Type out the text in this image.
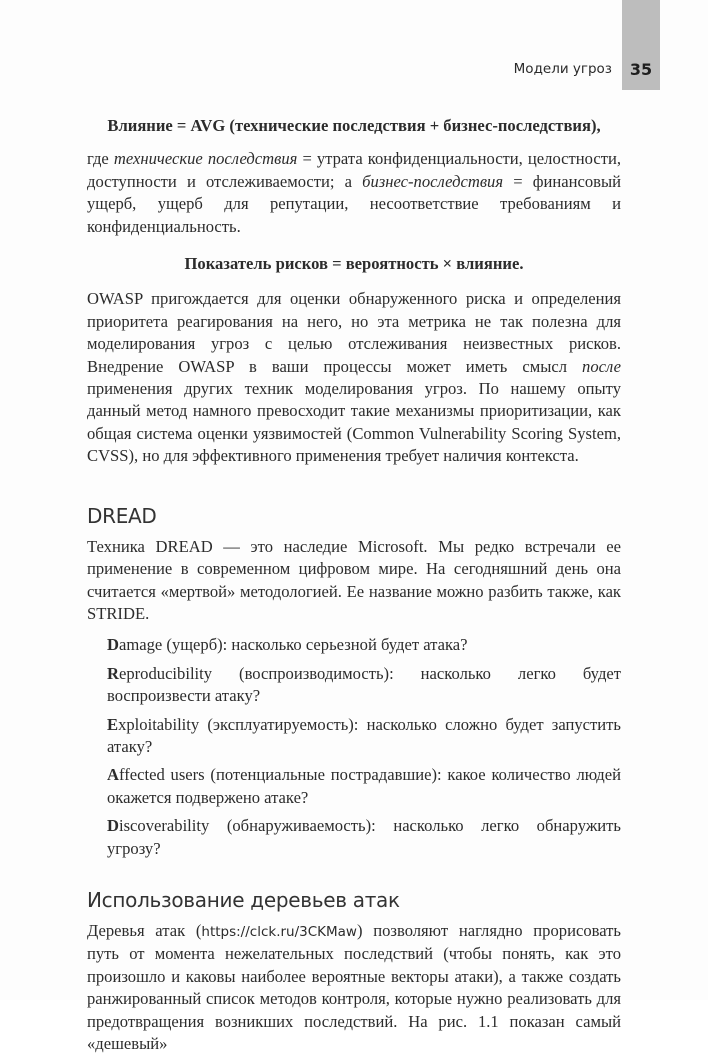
35
Модели угроз
Влияние = AVG (технические последствия + бизнес-последствия),

где технические последствия = утрата конфиденциальности, целостности, доступности и отслеживаемости; а бизнес-последствия = финансовый ущерб, ущерб для репутации, несоответствие требованиям и конфиденциальность.

Показатель рисков = вероятность × влияние.

OWASP пригождается для оценки обнаруженного риска и определения приоритета реагирования на него, но эта метрика не так полезна для моделирования угроз с целью отслеживания неизвестных рисков. Внедрение OWASP в ваши процессы может иметь смысл после применения других техник моделирования угроз. По нашему опыту данный метод намного превосходит такие механизмы приоритизации, как общая система оценки уязвимостей (Common Vulnerability Scoring System, CVSS), но для эффективного применения требует наличия контекста.

DREAD

Техника DREAD — это наследие Microsoft. Мы редко встречали ее применение в современном цифровом мире. На сегодняшний день она считается «мертвой» методологией. Ее название можно разбить также, как STRIDE.

Damage (ущерб): насколько серьезной будет атака?
Reproducibility (воспроизводимость): насколько легко будет воспроизвести атаку?
Exploitability (эксплуатируемость): насколько сложно будет запустить атаку?
Affected users (потенциальные пострадавшие): какое количество людей окажется подвержено атаке?
Discoverability (обнаруживаемость): насколько легко обнаружить угрозу?
Использование деревьев атак

Деревья атак (https://clck.ru/3CKMaw) позволяют наглядно прорисовать путь от момента нежелательных последствий (чтобы понять, как это произошло и каковы наиболее вероятные векторы атаки), а также создать ранжированный список методов контроля, которые нужно реализовать для предотвращения возникших последствий. На рис. 1.1 показан самый «дешевый»
